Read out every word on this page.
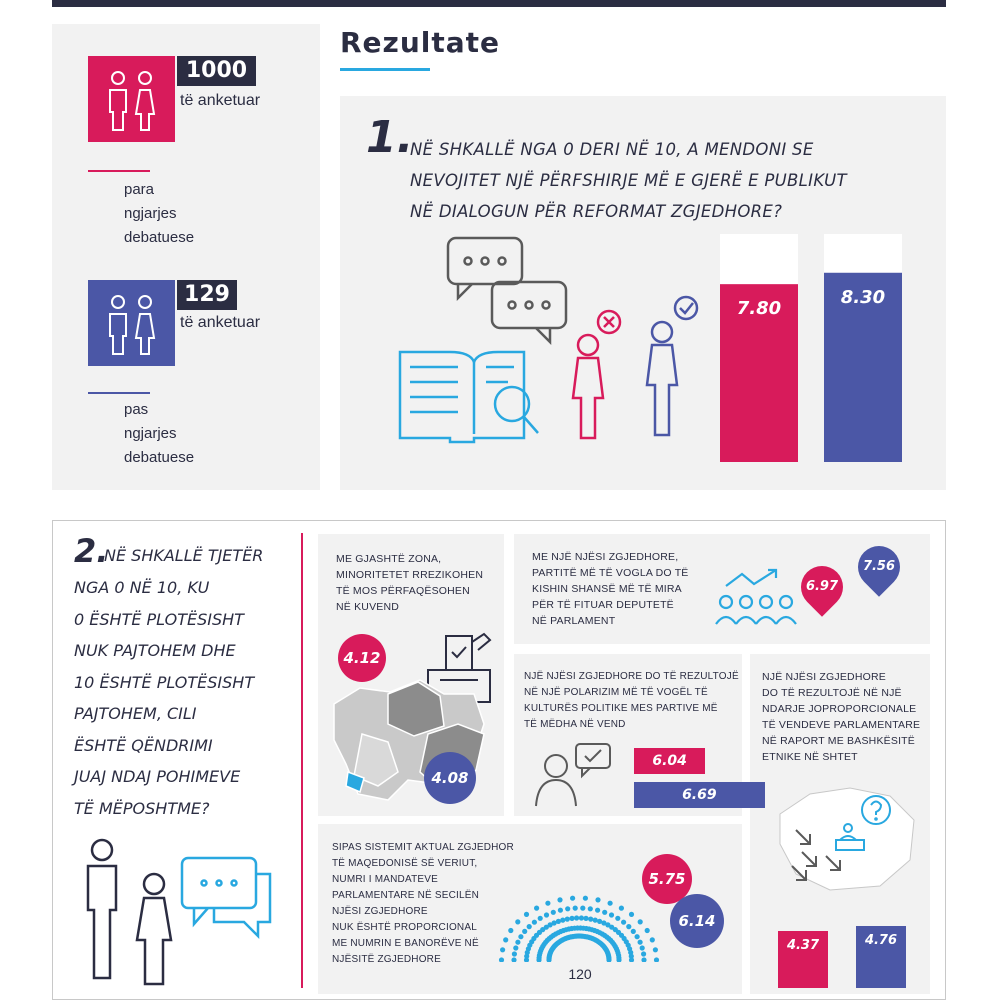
1000
të anketuar
para
ngjarjes
debatuese
129
të anketuar
pas
ngjarjes
debatuese
Rezultate
1.
NË SHKALLË NGA 0 DERI NË 10, A MENDONI SE
NEVOJITET NJË PËRFSHIRJE MË E GJERË E PUBLIKUT
NË DIALOGUN PËR REFORMAT ZGJEDHORE?
7.80
8.30
2.
NË SHKALLË TJETËR
NGA 0 NË 10, KU
0 ËSHTË PLOTËSISHT
NUK PAJTOHEM DHE
10 ËSHTË PLOTËSISHT
PAJTOHEM, CILI
ËSHTË QËNDRIMI
JUAJ NDAJ POHIMEVE
TË MËPOSHTME?
ME GJASHTË ZONA,
MINORITETET RREZIKOHEN
TË MOS PËRFAQËSOHEN
NË KUVEND
ME NJË NJËSI ZGJEDHORE,
PARTITË MË TË VOGLA DO TË
KISHIN SHANSË MË TË MIRA
PËR TË FITUAR DEPUTETË
NË PARLAMENT
NJË NJËSI ZGJEDHORE DO TË REZULTOJË
NË NJË POLARIZIM MË TË VOGËL TË
KULTURËS POLITIKE MES PARTIVE MË
TË MËDHA NË VEND
NJË NJËSI ZGJEDHORE
DO TË REZULTOJË NË NJË
NDARJE JOPROPORCIONALE
TË VENDEVE PARLAMENTARE
NË RAPORT ME BASHKËSITË
ETNIKE NË SHTET
SIPAS SISTEMIT AKTUAL ZGJEDHOR
TË MAQEDONISË SË VERIUT,
NUMRI I MANDATEVE
PARLAMENTARE NË SECILËN
NJËSI ZGJEDHORE
NUK ËSHTË PROPORCIONAL
ME NUMRIN E BANORËVE NË
NJËSITË ZGJEDHORE
120
4.12
4.08
6.97
7.56
6.04
6.69
4.37	4.76
5.75
6.14
